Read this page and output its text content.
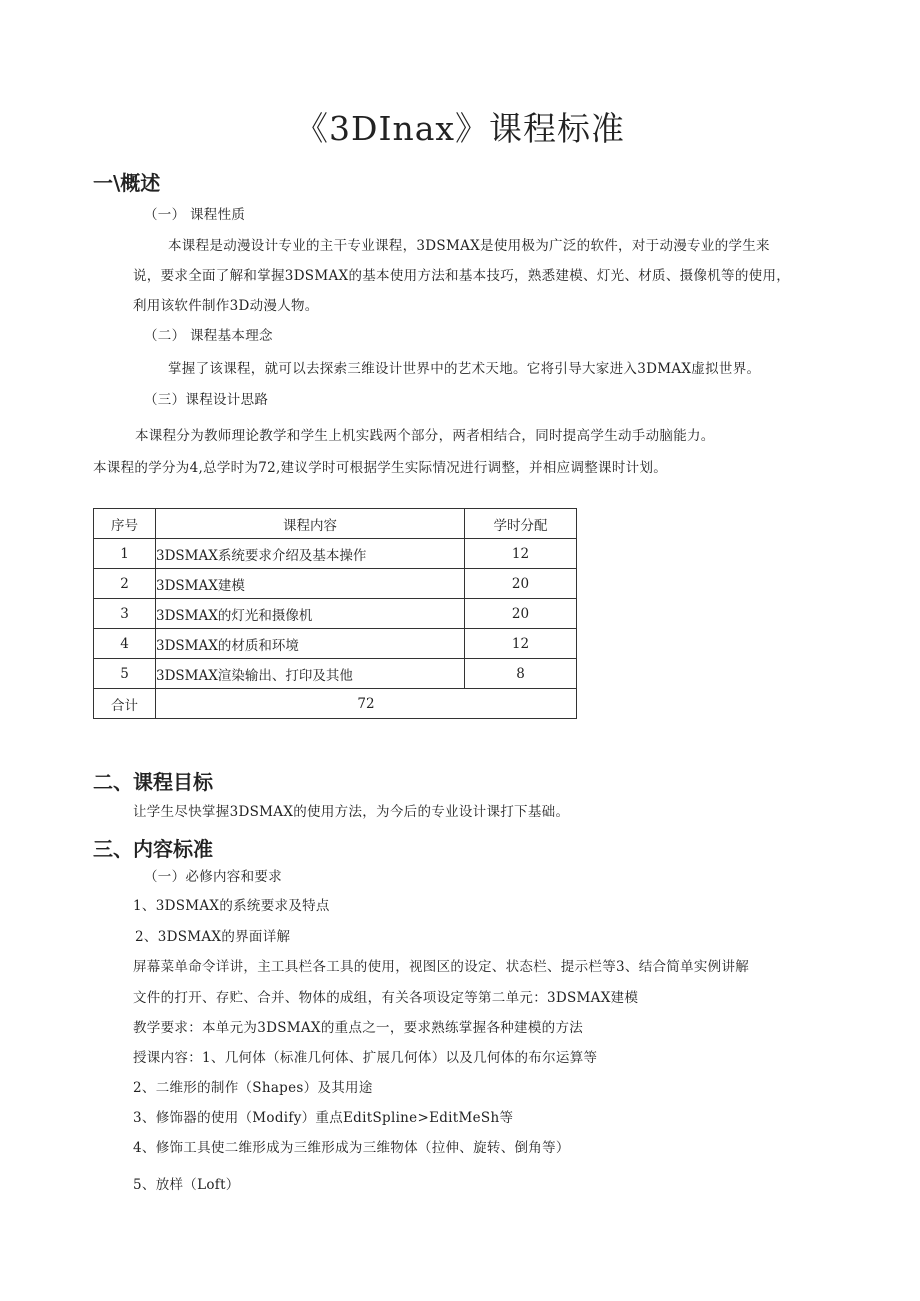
《3DInax》课程标准
一\概述
（一） 课程性质
本课程是动漫设计专业的主干专业课程，3DSMAX是使用极为广泛的软件，对于动漫专业的学生来
说，要求全面了解和掌握3DSMAX的基本使用方法和基本技巧，熟悉建模、灯光、材质、摄像机等的使用，
利用该软件制作3D动漫人物。
（二） 课程基本理念
掌握了该课程，就可以去探索三维设计世界中的艺术天地。它将引导大家进入3DMAX虚拟世界。
（三）课程设计思路
本课程分为教师理论教学和学生上机实践两个部分，两者相结合，同时提高学生动手动脑能力。
本课程的学分为4,总学时为72,建议学时可根据学生实际情况进行调整，并相应调整课时计划。
序号	课程内容	学时分配
1	3DSMAX系统要求介绍及基本操作	12
2	3DSMAX建模	20
3	3DSMAX的灯光和摄像机	20
4	3DSMAX的材质和环境	12
5	3DSMAX渲染输出、打印及其他	8
合计	72	
二、课程目标
让学生尽快掌握3DSMAX的使用方法，为今后的专业设计课打下基础。
三、内容标准
（一）必修内容和要求
1、3DSMAX的系统要求及特点
2、3DSMAX的界面详解
屏幕菜单命令详讲，主工具栏各工具的使用，视图区的设定、状态栏、提示栏等3、结合简单实例讲解
文件的打开、存贮、合并、物体的成组，有关各项设定等第二单元：3DSMAX建模
教学要求：本单元为3DSMAX的重点之一，要求熟练掌握各种建模的方法
授课内容：1、几何体（标准几何体、扩展几何体）以及几何体的布尔运算等
2、二维形的制作（Shapes）及其用途
3、修饰器的使用（Modify）重点EditSpline>EditMeSh等
4、修饰工具使二维形成为三维形成为三维物体（拉伸、旋转、倒角等）
5、放样（Loft）
